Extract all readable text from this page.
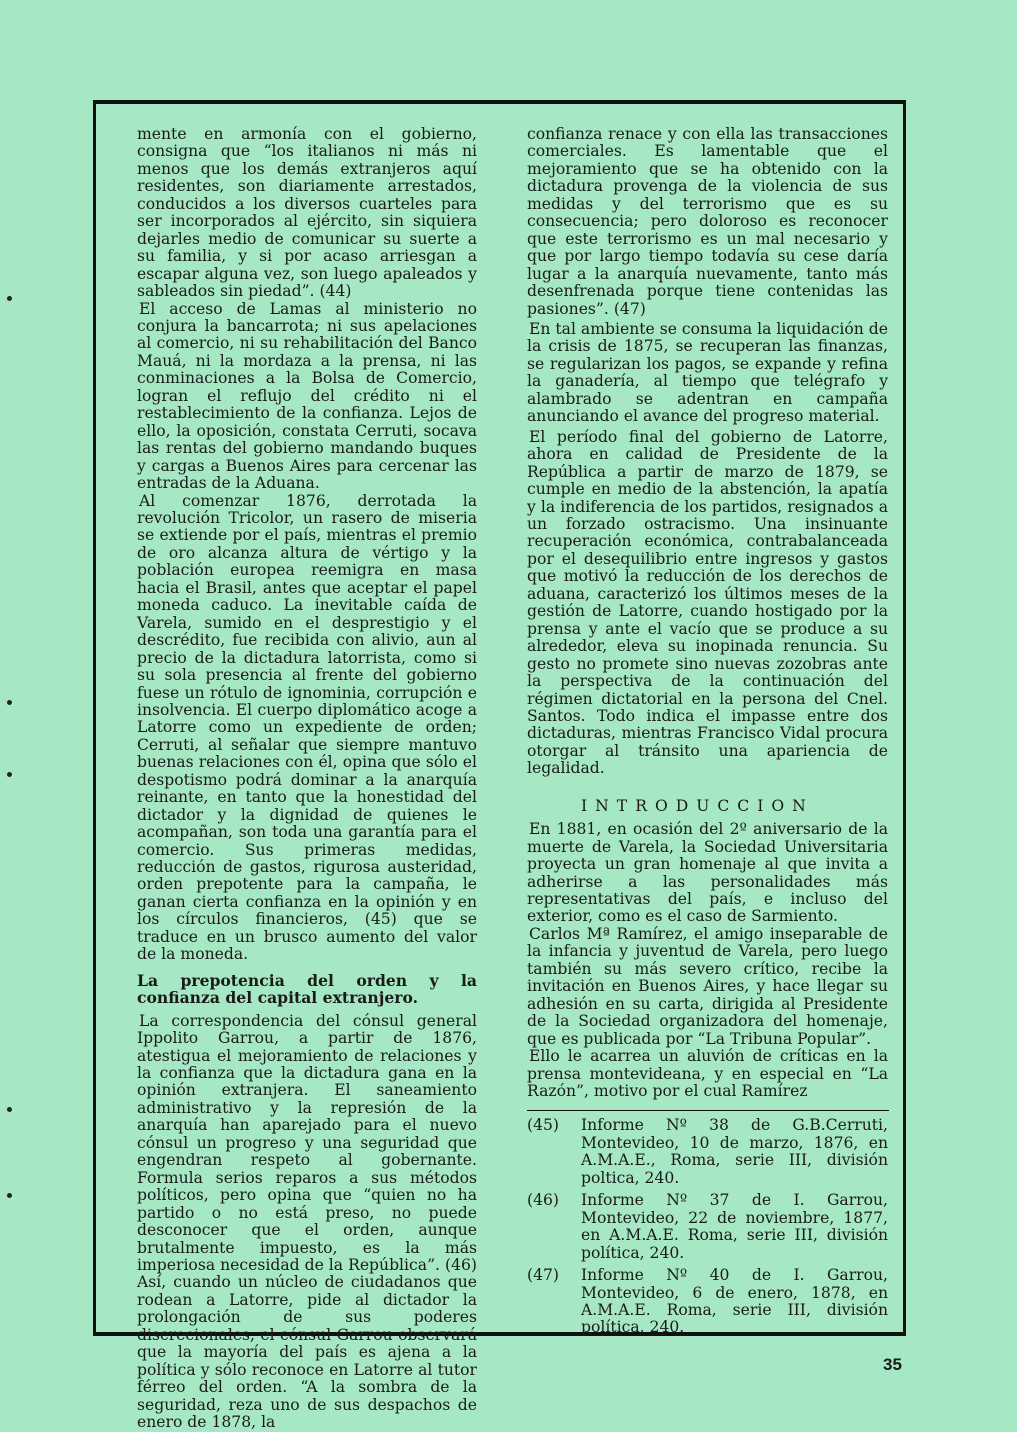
mente en armonía con el gobierno, consigna que “los italianos ni más ni menos que los demás extranjeros aquí residentes, son diariamente arrestados, conducidos a los diversos cuarteles para ser incorporados al ejército, sin siquiera dejarles medio de comunicar su suerte a su familia, y si por acaso arriesgan a escapar alguna vez, son luego apaleados y sableados sin piedad”. (44)

El acceso de Lamas al ministerio no conjura la bancarrota; ni sus apelaciones al comercio, ni su rehabilitación del Banco Mauá, ni la mordaza a la prensa, ni las conminaciones a la Bolsa de Comercio, logran el reflujo del crédito ni el restablecimiento de la confianza. Lejos de ello, la oposición, constata Cerruti, socava las rentas del gobierno mandando buques y cargas a Buenos Aires para cercenar las entradas de la Aduana.

Al comenzar 1876, derrotada la revolución Tricolor, un rasero de miseria se extiende por el país, mientras el premio de oro alcanza altura de vértigo y la población europea reemigra en masa hacia el Brasil, antes que aceptar el papel moneda caduco. La inevitable caída de Varela, sumido en el desprestigio y el descrédito, fue recibida con alivio, aun al precio de la dictadura latorrista, como si su sola presencia al frente del gobierno fuese un rótulo de ignominia, corrupción e insolvencia. El cuerpo diplomático acoge a Latorre como un expediente de orden; Cerruti, al señalar que siempre mantuvo buenas relaciones con él, opina que sólo el despotismo podrá dominar a la anarquía reinante, en tanto que la honestidad del dictador y la dignidad de quienes le acompañan, son toda una garantía para el comercio. Sus primeras medidas, reducción de gastos, rigurosa austeridad, orden prepotente para la campaña, le ganan cierta confianza en la opinión y en los círculos financieros, (45) que se traduce en un brusco aumento del valor de la moneda.

La prepotencia del orden y la confianza del capital extranjero.

La correspondencia del cónsul general Ippolito Garrou, a partir de 1876, atestigua el mejoramiento de relaciones y la confianza que la dictadura gana en la opinión extranjera. El saneamiento administrativo y la represión de la anarquía han aparejado para el nuevo cónsul un progreso y una seguridad que engendran respeto al gobernante. Formula serios reparos a sus métodos políticos, pero opina que “quien no ha partido o no está preso, no puede desconocer que el orden, aunque brutalmente impuesto, es la más imperiosa necesidad de la República”. (46) Así, cuando un núcleo de ciudadanos que rodean a Latorre, pide al dictador la prolongación de sus poderes discrecionales, el cónsul Garrou observará que la mayoría del país es ajena a la política y sólo reconoce en Latorre al tutor férreo del orden. “A la sombra de la seguridad, reza uno de sus despachos de enero de 1878, la

confianza renace y con ella las transacciones comerciales. Es lamentable que el mejoramiento que se ha obtenido con la dictadura provenga de la violencia de sus medidas y del terrorismo que es su consecuencia; pero doloroso es reconocer que este terrorismo es un mal necesario y que por largo tiempo todavía su cese daría lugar a la anarquía nuevamente, tanto más desenfrenada porque tiene contenidas las pasiones”. (47)

En tal ambiente se consuma la liquidación de la crisis de 1875, se recuperan las finanzas, se regularizan los pagos, se expande y refina la ganadería, al tiempo que telégrafo y alambrado se adentran en campaña anunciando el avance del progreso material.

El período final del gobierno de Latorre, ahora en calidad de Presidente de la República a partir de marzo de 1879, se cumple en medio de la abstención, la apatía y la indiferencia de los partidos, resignados a un forzado ostracismo. Una insinuante recuperación económica, contrabalanceada por el desequilibrio entre ingresos y gastos que motivó la reducción de los derechos de aduana, caracterizó los últimos meses de la gestión de Latorre, cuando hostigado por la prensa y ante el vacío que se produce a su alrededor, eleva su inopinada renuncia. Su gesto no promete sino nuevas zozobras ante la perspectiva de la continuación del régimen dictatorial en la persona del Cnel. Santos. Todo indica el impasse entre dos dictaduras, mientras Francisco Vidal procura otorgar al tránsito una apariencia de legalidad.

INTRODUCCION

En 1881, en ocasión del 2º aniversario de la muerte de Varela, la Sociedad Universitaria proyecta un gran homenaje al que invita a adherirse a las personalidades más representativas del país, e incluso del exterior, como es el caso de Sarmiento.

Carlos Mª Ramírez, el amigo inseparable de la infancia y juventud de Varela, pero luego también su más severo crítico, recibe la invitación en Buenos Aires, y hace llegar su adhesión en su carta, dirigida al Presidente de la Sociedad organizadora del homenaje, que es publicada por “La Tribuna Popular”.

Ello le acarrea un aluvión de críticas en la prensa montevideana, y en especial en “La Razón”, motivo por el cual Ramírez

(45)	Informe Nº 38 de G.B.Cerruti, Montevideo, 10 de marzo, 1876, en A.M.A.E., Roma, serie III, división poltica, 240.
(46)	Informe Nº 37 de I. Garrou, Montevideo, 22 de noviembre, 1877, en A.M.A.E. Roma, serie III, división política, 240.
(47)	Informe Nº 40 de I. Garrou, Montevideo, 6 de enero, 1878, en A.M.A.E. Roma, serie III, división política, 240.
35
